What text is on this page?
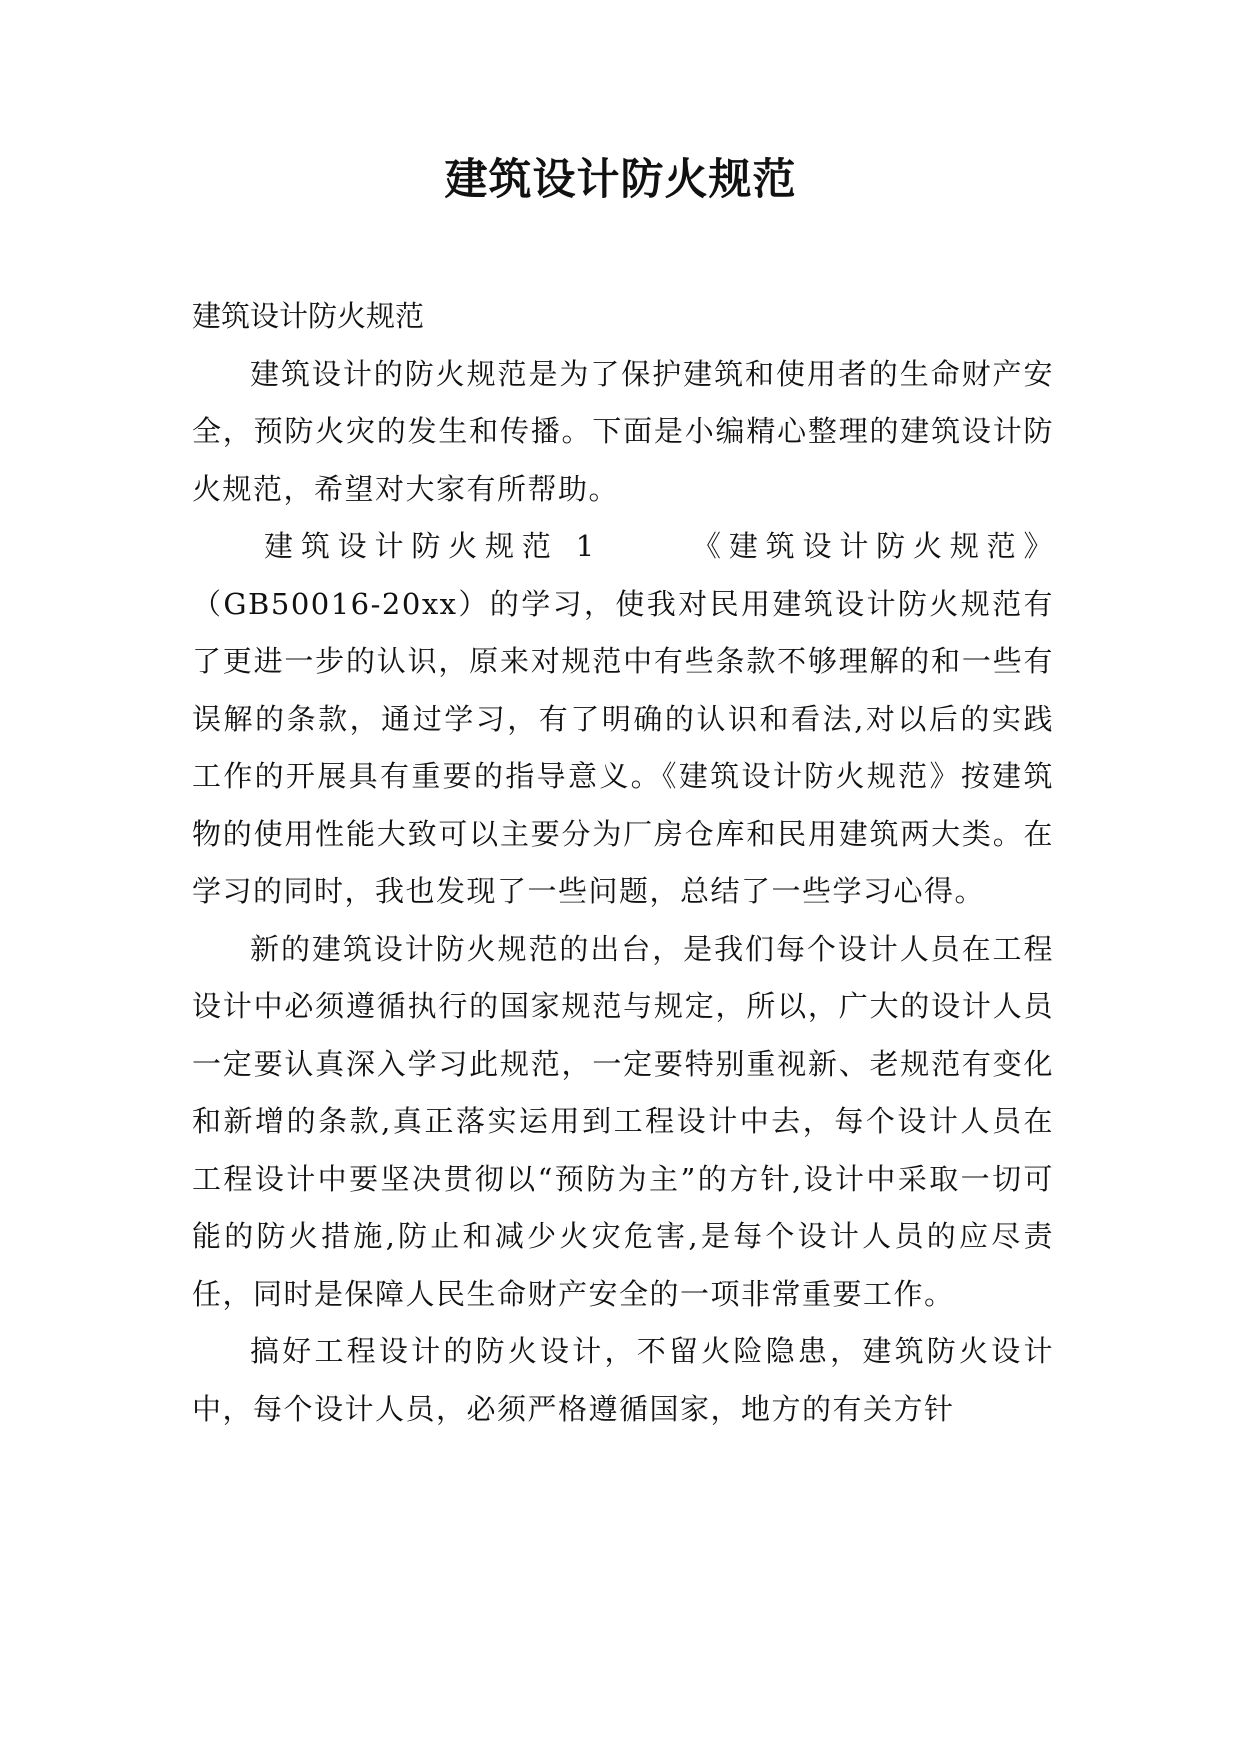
建筑设计防火规范

建筑设计防火规范

建筑设计的防火规范是为了保护建筑和使用者的生命财产安全，预防火灾的发生和传播。下面是小编精心整理的建筑设计防火规范，希望对大家有所帮助。

建筑设计防火规范 1	《建筑设计防火规范》（GB50016-20xx）的学习，使我对民用建筑设计防火规范有了更进一步的认识，原来对规范中有些条款不够理解的和一些有误解的条款，通过学习，有了明确的认识和看法,对以后的实践工作的开展具有重要的指导意义。《建筑设计防火规范》按建筑物的使用性能大致可以主要分为厂房仓库和民用建筑两大类。在学习的同时，我也发现了一些问题，总结了一些学习心得。

新的建筑设计防火规范的出台，是我们每个设计人员在工程设计中必须遵循执行的国家规范与规定，所以，广大的设计人员一定要认真深入学习此规范，一定要特别重视新、老规范有变化和新增的条款,真正落实运用到工程设计中去，每个设计人员在工程设计中要坚决贯彻以“预防为主”的方针,设计中采取一切可能的防火措施,防止和减少火灾危害,是每个设计人员的应尽责任，同时是保障人民生命财产安全的一项非常重要工作。

搞好工程设计的防火设计，不留火险隐患，建筑防火设计中，每个设计人员，必须严格遵循国家，地方的有关方针
